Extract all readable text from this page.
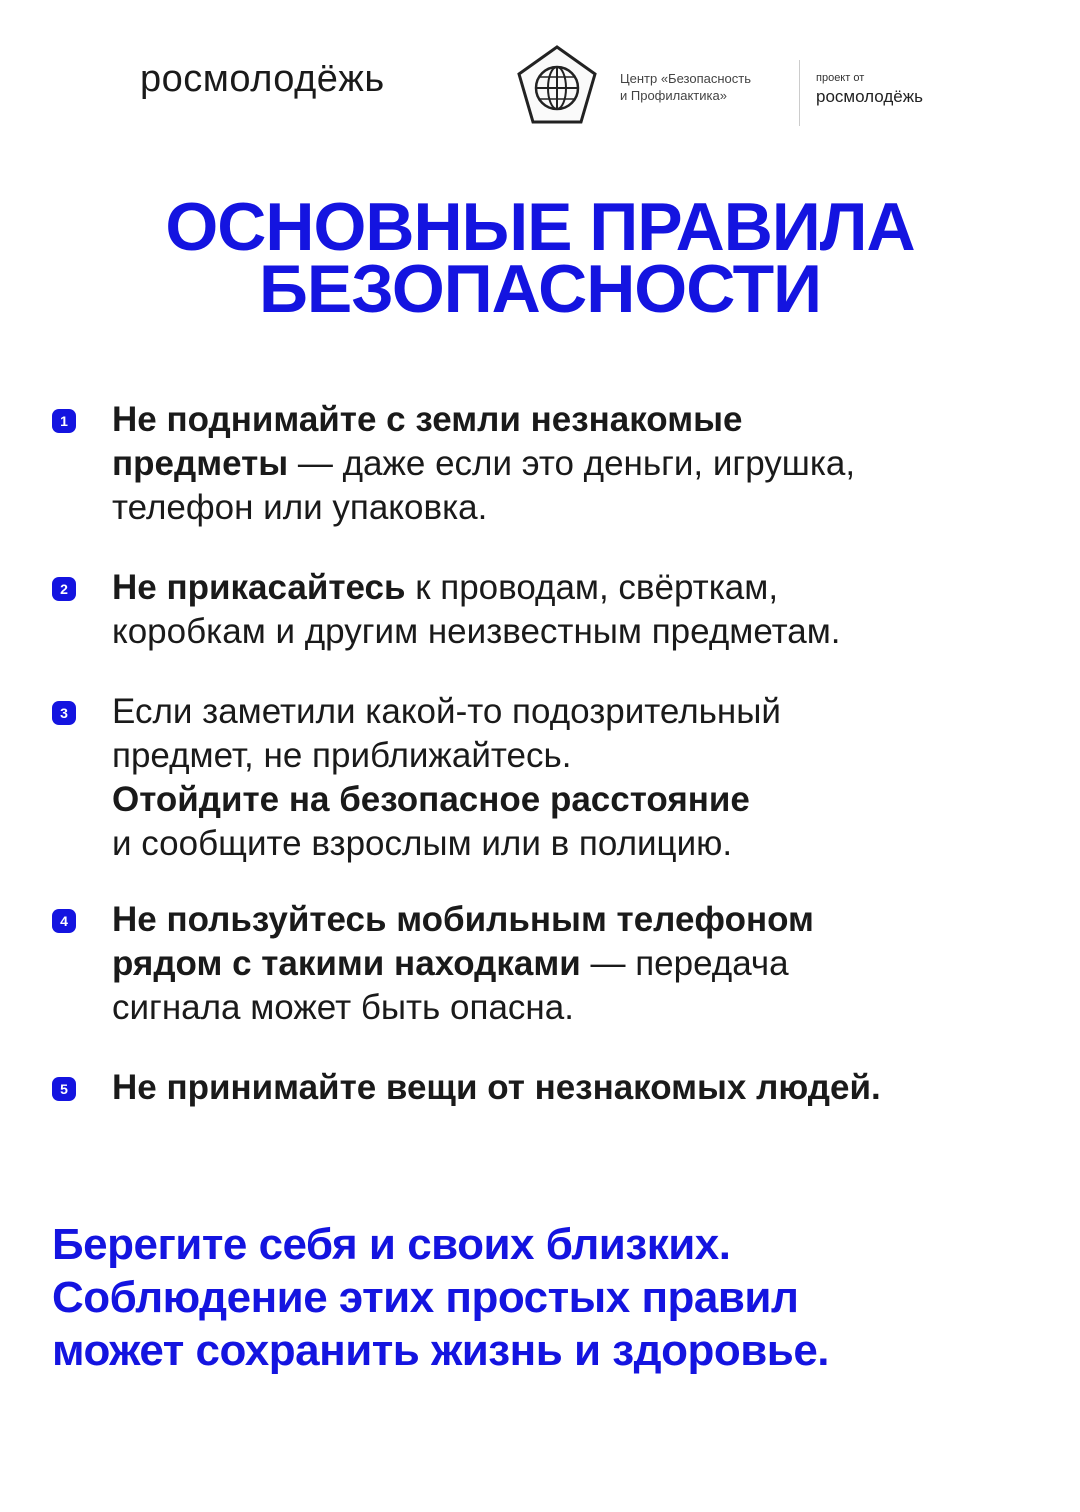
росмолодёжь	Центр «Безопасность
и Профилактика»
проект от
росмолодёжь
ОСНОВНЫЕ ПРАВИЛА
БЕЗОПАСНОСТИ
1 Не поднимайте с земли незнакомые
предметы — даже если это деньги, игрушка,
телефон или упаковка.
2 Не прикасайтесь к проводам, свёрткам,
коробкам и другим неизвестным предметам.
3 Если заметили какой-то подозрительный
предмет, не приближайтесь.
Отойдите на безопасное расстояние
и сообщите взрослым или в полицию.
4 Не пользуйтесь мобильным телефоном
рядом с такими находками — передача
сигнала может быть опасна.
5 Не принимайте вещи от незнакомых людей.
Берегите себя и своих близких.
Соблюдение этих простых правил
может сохранить жизнь и здоровье.
